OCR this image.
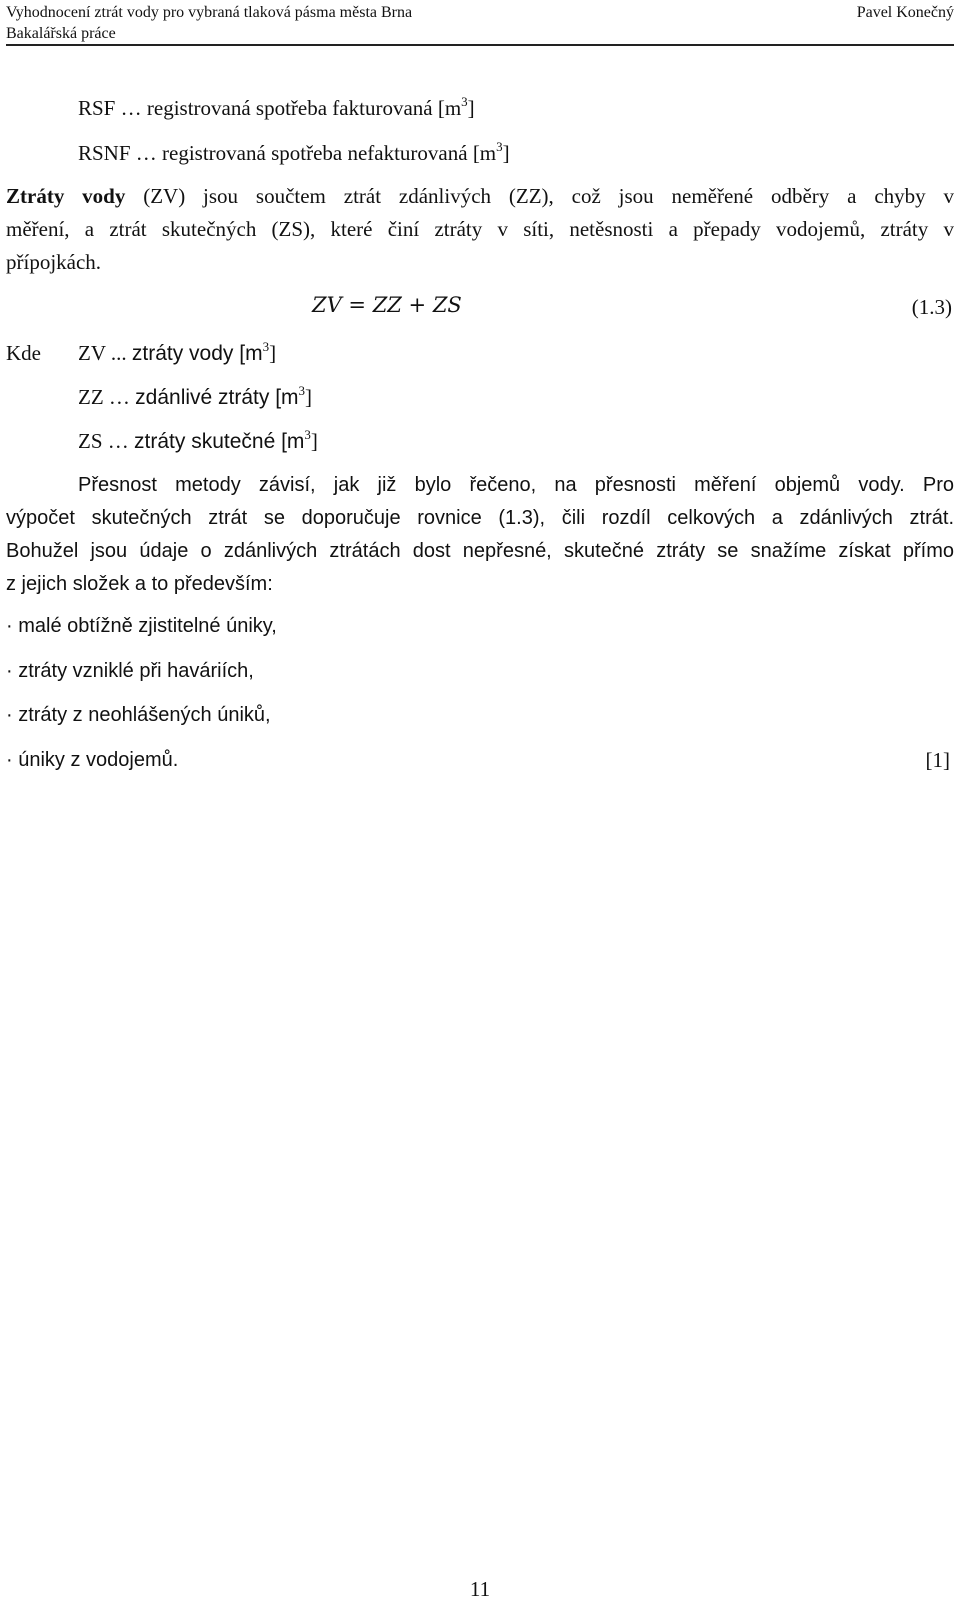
Vyhodnocení ztrát vody pro vybraná tlaková pásma města Brna
Bakalářská práce
Pavel Konečný
RSF … registrovaná spotřeba fakturovaná $[m^3]$
RSNF … registrovaná spotřeba nefakturovaná $[m^3]$
Ztráty vody (ZV) jsou součtem ztrát zdánlivých (ZZ), což jsou neměřené odběry a chyby v
měření, a ztrát skutečných (ZS), které činí ztráty v síti, netěsnosti a přepady vodojemů, ztráty v
přípojkách.
ZV = ZZ + ZS	(1.3)
Kde ZV ... ztráty vody $[m^3]$
ZZ … zdánlivé ztráty $[m^3]$
ZS … ztráty skutečné $[m^3]$
Přesnost metody závisí, jak již bylo řečeno, na přesnosti měření objemů vody. Pro
výpočet skutečných ztrát se doporučuje rovnice (1.3), čili rozdíl celkových a zdánlivých ztrát.
Bohužel jsou údaje o zdánlivých ztrátách dost nepřesné, skutečné ztráty se snažíme získat přímo
z jejich složek a to především:
· malé obtížně zjistitelné úniky,
· ztráty vzniklé při haváriích,
· ztráty z neohlášených úniků,
· úniky z vodojemů.	[1]
11
